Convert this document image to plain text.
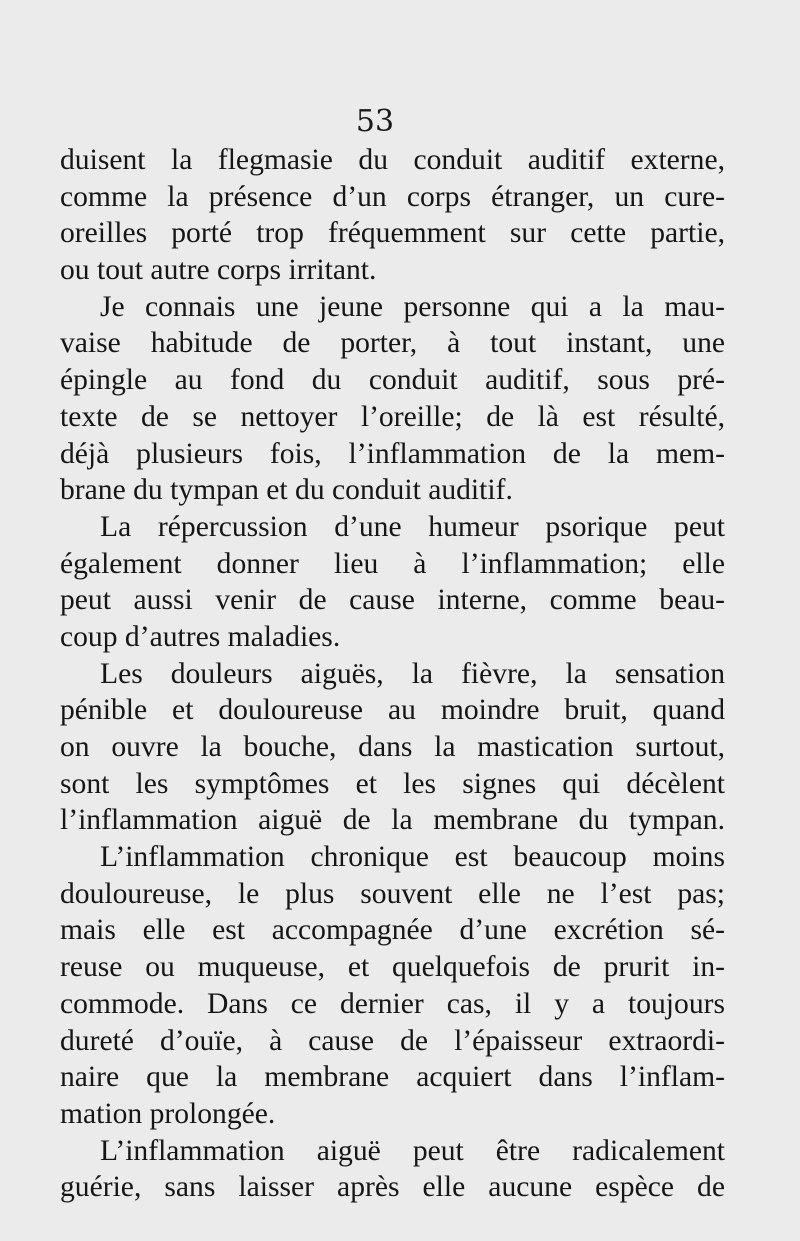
53
duisent la flegmasie du conduit auditif externe,
comme la présence d’un corps étranger, un cure-
oreilles porté trop fréquemment sur cette partie,
ou tout autre corps irritant.
Je connais une jeune personne qui a la mau-
vaise habitude de porter, à tout instant, une
épingle au fond du conduit auditif, sous pré-
texte de se nettoyer l’oreille; de là est résulté,
déjà plusieurs fois, l’inflammation de la mem-
brane du tympan et du conduit auditif.
La répercussion d’une humeur psorique peut
également donner lieu à l’inflammation; elle
peut aussi venir de cause interne, comme beau-
coup d’autres maladies.
Les douleurs aiguës, la fièvre, la sensation
pénible et douloureuse au moindre bruit, quand
on ouvre la bouche, dans la mastication surtout,
sont les symptômes et les signes qui décèlent
l’inflammation aiguë de la membrane du tympan.
L’inflammation chronique est beaucoup moins
douloureuse, le plus souvent elle ne l’est pas;
mais elle est accompagnée d’une excrétion sé-
reuse ou muqueuse, et quelquefois de prurit in-
commode. Dans ce dernier cas, il y a toujours
dureté d’ouïe, à cause de l’épaisseur extraordi-
naire que la membrane acquiert dans l’inflam-
mation prolongée.
L’inflammation aiguë peut être radicalement
guérie, sans laisser après elle aucune espèce de
